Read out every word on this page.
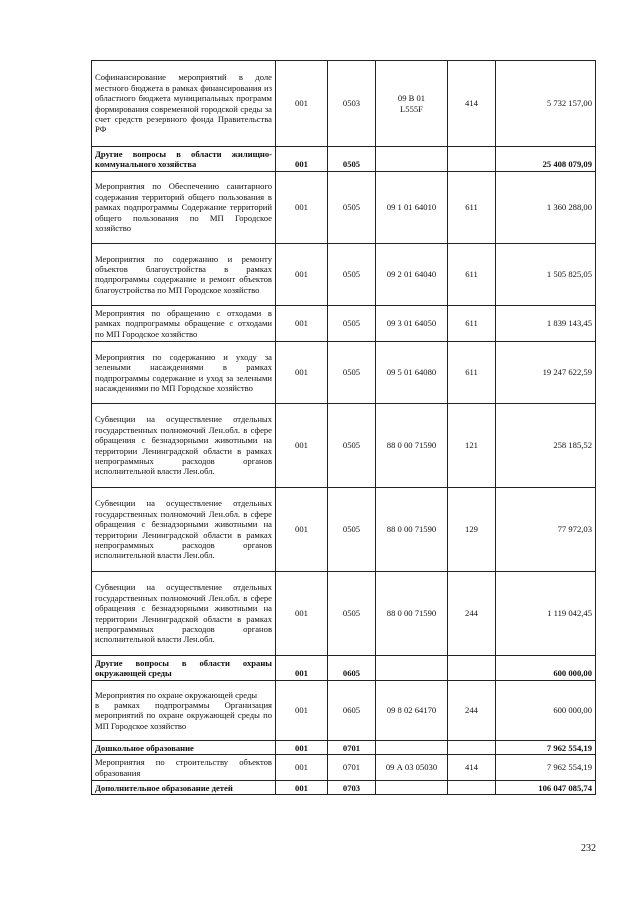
Софинансирование мероприятий в доле местного бюджета в рамках финансирования из областного бюджета муниципальных программ формирования современной городской среды за счет средств резервного фонда Правительства РФ	001	0503	09 В 01 L555F	414	5 732 157,00
Другие вопросы в области жилищно-коммунального хозяйства	001	0505			25 408 079,09
Мероприятия по Обеспечению санитарного содержания территорий общего пользования в рамках подпрограммы Содержание территорий общего пользования по МП Городское хозяйство	001	0505	09 1 01 64010	611	1 360 288,00
Мероприятия по содержанию и ремонту объектов благоустройства в рамках подпрограммы содержание и ремонт объектов благоустройства по МП Городское хозяйство	001	0505	09 2 01 64040	611	1 505 825,05
Мероприятия по обращению с отходами в рамках подпрограммы обращение с отходами по МП Городское хозяйство	001	0505	09 3 01 64050	611	1 839 143,45
Мероприятия по содержанию и уходу за зелеными насаждениями в рамках подпрограммы содержание и уход за зелеными насаждениями по МП Городское хозяйство	001	0505	09 5 01 64080	611	19 247 622,59
Субвенции на осуществление отдельных государственных полномочий Лен.обл. в сфере обращения с безнадзорными животными на территории Ленинградской области в рамках непрограммных расходов органов исполнительной власти Лен.обл.	001	0505	88 0 00 71590	121	258 185,52
Субвенции на осуществление отдельных государственных полномочий Лен.обл. в сфере обращения с безнадзорными животными на территории Ленинградской области в рамках непрограммных расходов органов исполнительной власти Лен.обл.	001	0505	88 0 00 71590	129	77 972,03
Субвенции на осуществление отдельных государственных полномочий Лен.обл. в сфере обращения с безнадзорными животными на территории Ленинградской области в рамках непрограммных расходов органов исполнительной власти Лен.обл.	001	0505	88 0 00 71590	244	1 119 042,45
Другие вопросы в области охраны окружающей среды	001	0605			600 000,00
Мероприятия по охране окружающей среды
в рамках подпрограммы Организация мероприятий по охране окружающей среды по МП Городское хозяйство	001	0605	09 8 02 64170	244	600 000,00
Дошкольное образование	001	0701			7 962 554,19
Мероприятия по строительству объектов образования	001	0701	09 А 03 05030	414	7 962 554,19
Дополнительное образование детей	001	0703			106 047 085,74
232
